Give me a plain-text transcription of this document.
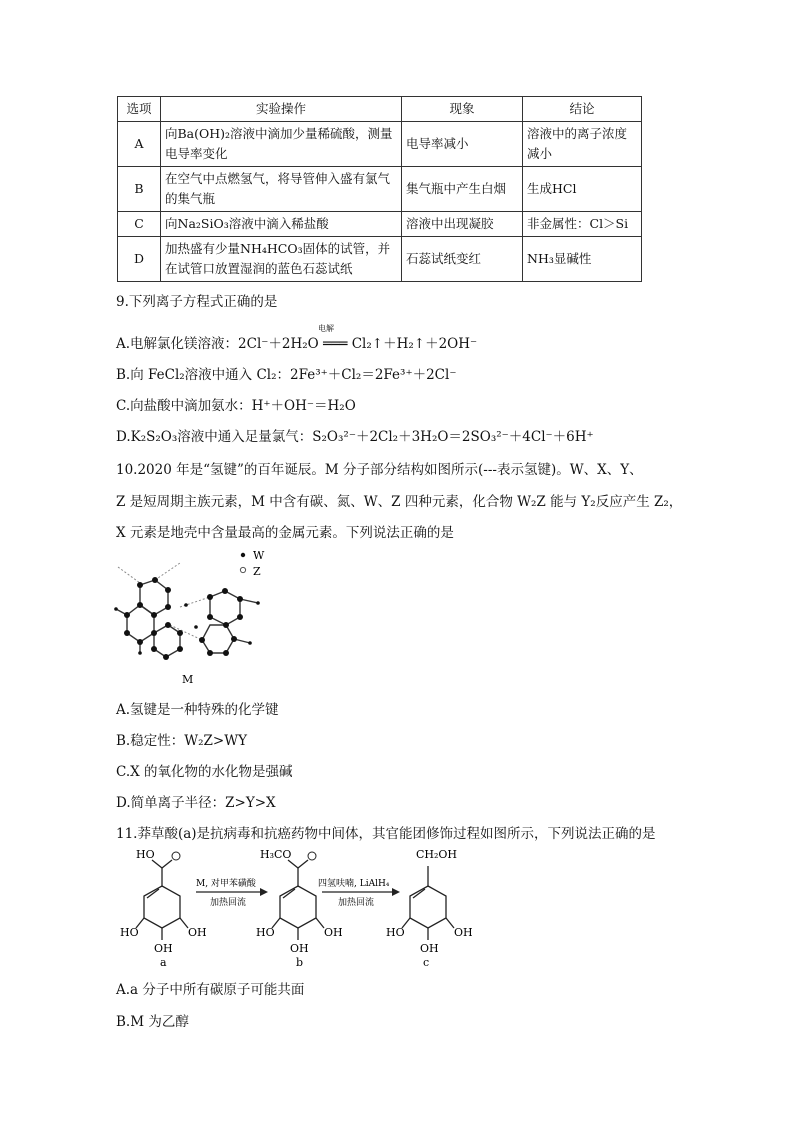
选项	实验操作	现象	结论
A	向Ba(OH)₂溶液中滴加少量稀硫酸，测量电导率变化	电导率减小	溶液中的离子浓度减小
B	在空气中点燃氢气，将导管伸入盛有氯气的集气瓶	集气瓶中产生白烟	生成HCl
C	向Na₂SiO₃溶液中滴入稀盐酸	溶液中出现凝胶	非金属性：Cl＞Si
D	加热盛有少量NH₄HCO₃固体的试管，并在试管口放置湿润的蓝色石蕊试纸	石蕊试纸变红	NH₃显碱性
9.下列离子方程式正确的是
电解
A.电解氯化镁溶液：2Cl⁻＋2H₂O ═══ Cl₂↑＋H₂↑＋2OH⁻
B.向 FeCl₂溶液中通入 Cl₂：2Fe³⁺＋Cl₂＝2Fe³⁺＋2Cl⁻
C.向盐酸中滴加氨水：H⁺＋OH⁻＝H₂O
D.K₂S₂O₃溶液中通入足量氯气：S₂O₃²⁻＋2Cl₂＋3H₂O＝2SO₃²⁻＋4Cl⁻＋6H⁺
10.2020 年是“氢键”的百年诞辰。M 分子部分结构如图所示(‑‑‑表示氢键)。W、X、Y、
Z 是短周期主族元素，M 中含有碳、氮、W、Z 四种元素，化合物 W₂Z 能与 Y₂反应产生 Z₂，
X 元素是地壳中含量最高的金属元素。下列说法正确的是
W
Z
M
A.氢键是一种特殊的化学键
B.稳定性：W₂Z>WY
C.X 的氧化物的水化物是强碱
D.简单离子半径：Z>Y>X
11.莽草酸(a)是抗病毒和抗癌药物中间体，其官能团修饰过程如图所示，下列说法正确的是
HO
HO
OH
OH
a
M, 对甲苯磺酸
加热回流
H₃CO
HO
OH
OH
b
四氢呋喃, LiAlH₄
加热回流
CH₂OH
HO
OH
OH
c
A.a 分子中所有碳原子可能共面
B.M 为乙醇
